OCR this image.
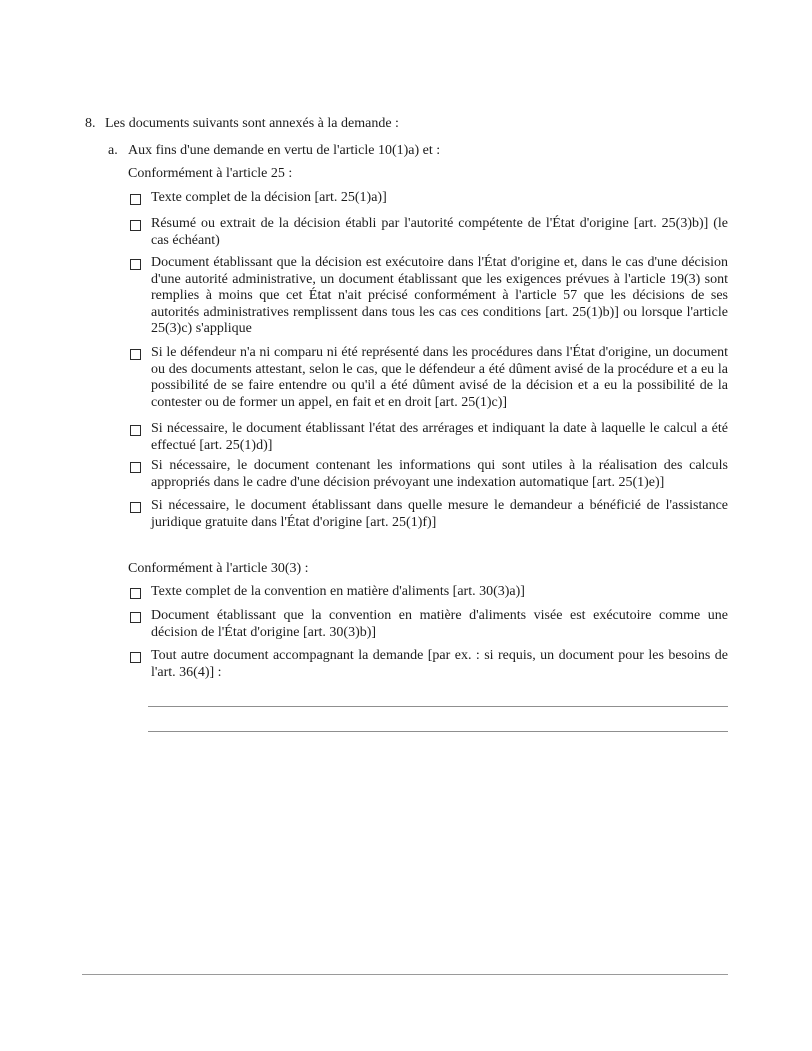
8. Les documents suivants sont annexés à la demande :
a. Aux fins d'une demande en vertu de l'article 10(1)a) et :
Conformément à l'article 25 :
Texte complet de la décision [art. 25(1)a)]
Résumé ou extrait de la décision établi par l'autorité compétente de l'État d'origine [art. 25(3)b)] (le cas échéant)
Document établissant que la décision est exécutoire dans l'État d'origine et, dans le cas d'une décision d'une autorité administrative, un document établissant que les exigences prévues à l'article 19(3) sont remplies à moins que cet État n'ait précisé conformément à l'article 57 que les décisions de ses autorités administratives remplissent dans tous les cas ces conditions [art. 25(1)b)] ou lorsque l'article 25(3)c) s'applique
Si le défendeur n'a ni comparu ni été représenté dans les procédures dans l'État d'origine, un document ou des documents attestant, selon le cas, que le défendeur a été dûment avisé de la procédure et a eu la possibilité de se faire entendre ou qu'il a été dûment avisé de la décision et a eu la possibilité de la contester ou de former un appel, en fait et en droit [art. 25(1)c)]
Si nécessaire, le document établissant l'état des arrérages et indiquant la date à laquelle le calcul a été effectué [art. 25(1)d)]
Si nécessaire, le document contenant les informations qui sont utiles à la réalisation des calculs appropriés dans le cadre d'une décision prévoyant une indexation automatique [art. 25(1)e)]
Si nécessaire, le document établissant dans quelle mesure le demandeur a bénéficié de l'assistance juridique gratuite dans l'État d'origine [art. 25(1)f)]
Conformément à l'article 30(3) :
Texte complet de la convention en matière d'aliments [art. 30(3)a)]
Document établissant que la convention en matière d'aliments visée est exécutoire comme une décision de l'État d'origine [art. 30(3)b)]
Tout autre document accompagnant la demande [par ex. : si requis, un document pour les besoins de l'art. 36(4)] :
